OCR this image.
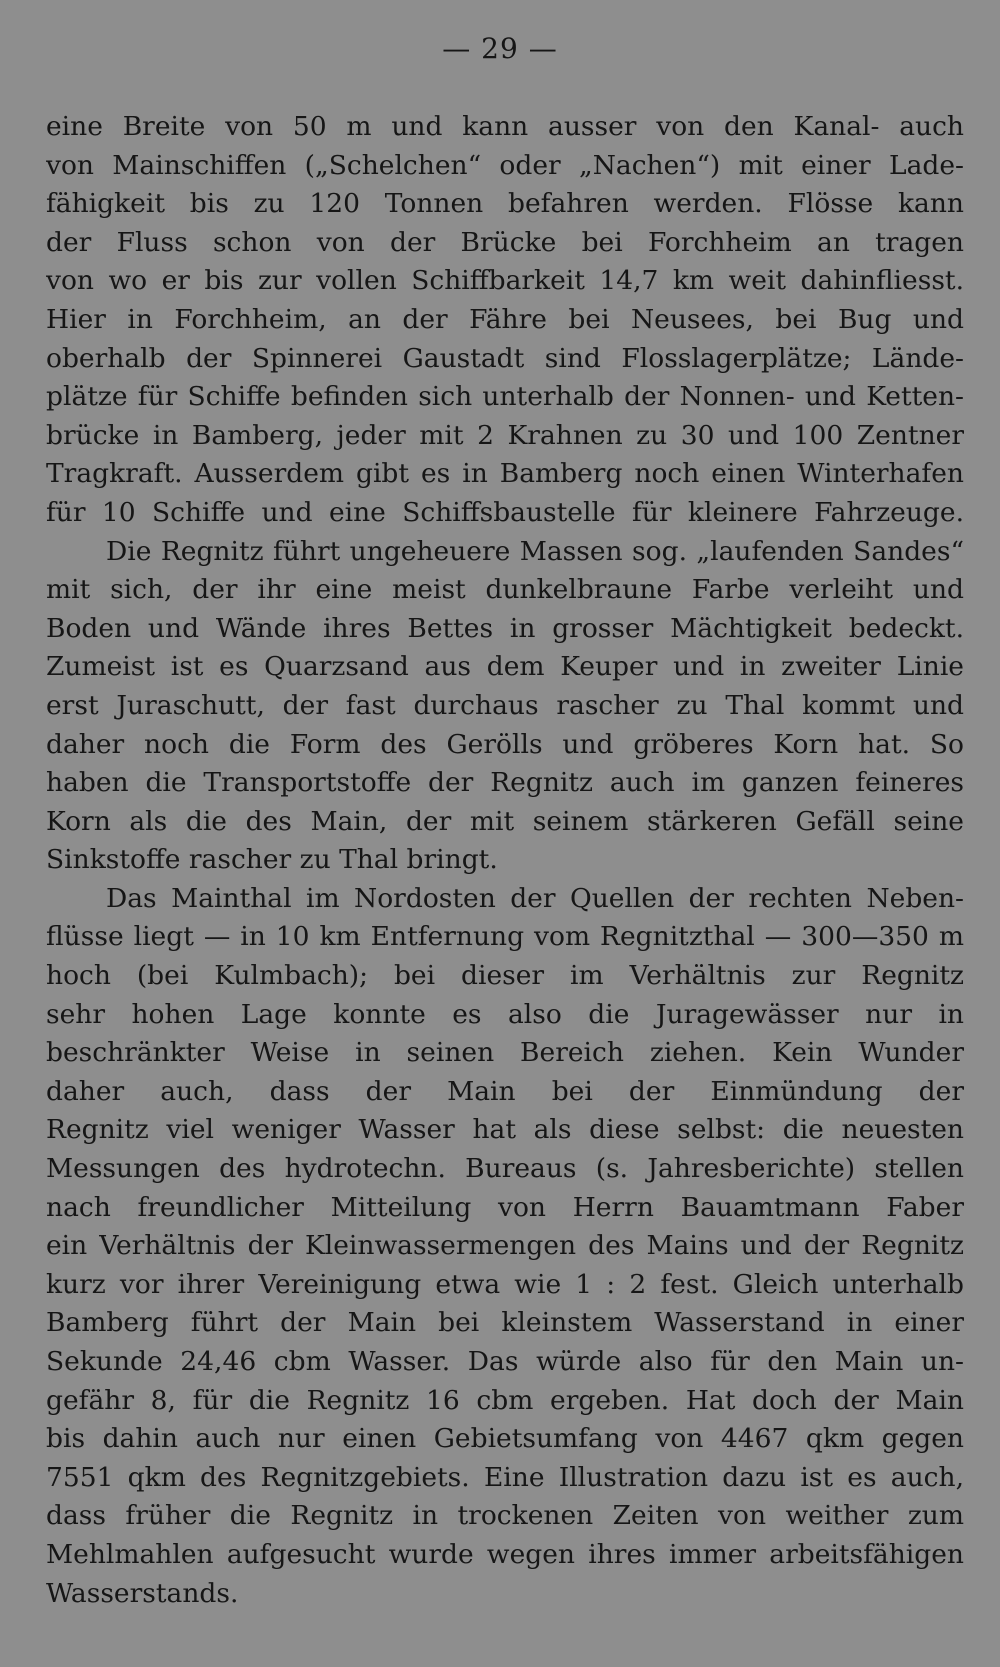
— 29 —
eine Breite von 50 m und kann ausser von den Kanal- auch
von Mainschiffen („Schelchen“ oder „Nachen“) mit einer Lade-
fähigkeit bis zu 120 Tonnen befahren werden. Flösse kann
der Fluss schon von der Brücke bei Forchheim an tragen
von wo er bis zur vollen Schiffbarkeit 14,7 km weit dahinfliesst.
Hier in Forchheim, an der Fähre bei Neusees, bei Bug und
oberhalb der Spinnerei Gaustadt sind Flosslagerplätze; Lände-
plätze für Schiffe befinden sich unterhalb der Nonnen- und Ketten-
brücke in Bamberg, jeder mit 2 Krahnen zu 30 und 100 Zentner
Tragkraft. Ausserdem gibt es in Bamberg noch einen Winterhafen
für 10 Schiffe und eine Schiffsbaustelle für kleinere Fahrzeuge.
Die Regnitz führt ungeheuere Massen sog. „laufenden Sandes“
mit sich, der ihr eine meist dunkelbraune Farbe verleiht und
Boden und Wände ihres Bettes in grosser Mächtigkeit bedeckt.
Zumeist ist es Quarzsand aus dem Keuper und in zweiter Linie
erst Juraschutt, der fast durchaus rascher zu Thal kommt und
daher noch die Form des Gerölls und gröberes Korn hat. So
haben die Transportstoffe der Regnitz auch im ganzen feineres
Korn als die des Main, der mit seinem stärkeren Gefäll seine
Sinkstoffe rascher zu Thal bringt.
Das Mainthal im Nordosten der Quellen der rechten Neben-
flüsse liegt — in 10 km Entfernung vom Regnitzthal — 300—350 m
hoch (bei Kulmbach); bei dieser im Verhältnis zur Regnitz
sehr hohen Lage konnte es also die Juragewässer nur in
beschränkter Weise in seinen Bereich ziehen. Kein Wunder
daher auch, dass der Main bei der Einmündung der
Regnitz viel weniger Wasser hat als diese selbst: die neuesten
Messungen des hydrotechn. Bureaus (s. Jahresberichte) stellen
nach freundlicher Mitteilung von Herrn Bauamtmann Faber
ein Verhältnis der Kleinwassermengen des Mains und der Regnitz
kurz vor ihrer Vereinigung etwa wie 1 : 2 fest. Gleich unterhalb
Bamberg führt der Main bei kleinstem Wasserstand in einer
Sekunde 24,46 cbm Wasser. Das würde also für den Main un-
gefähr 8, für die Regnitz 16 cbm ergeben. Hat doch der Main
bis dahin auch nur einen Gebietsumfang von 4467 qkm gegen
7551 qkm des Regnitzgebiets. Eine Illustration dazu ist es auch,
dass früher die Regnitz in trockenen Zeiten von weither zum
Mehlmahlen aufgesucht wurde wegen ihres immer arbeitsfähigen
Wasserstands.
